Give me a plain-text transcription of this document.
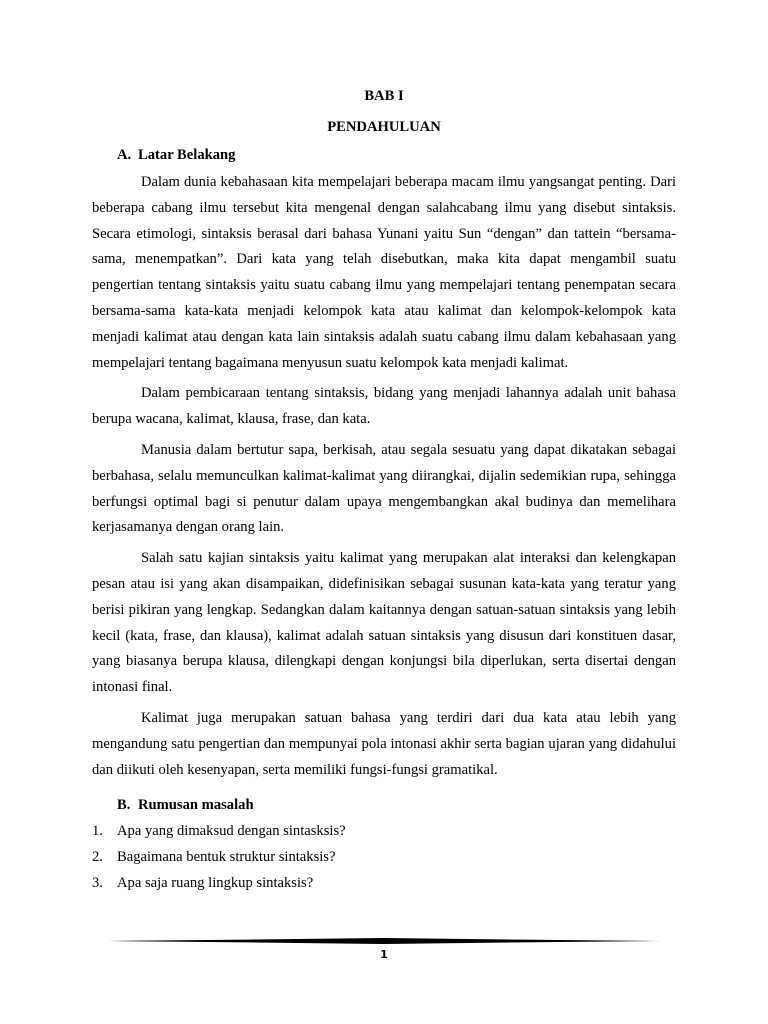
BAB I
PENDAHULUAN
A. Latar Belakang

Dalam dunia kebahasaan kita mempelajari beberapa macam ilmu yangsangat penting. Dari beberapa cabang ilmu tersebut kita mengenal dengan salahcabang ilmu yang disebut sintaksis. Secara etimologi, sintaksis berasal dari bahasa Yunani yaitu Sun “dengan” dan tattein “bersama-sama, menempatkan”. Dari kata yang telah disebutkan, maka kita dapat mengambil suatu pengertian tentang sintaksis yaitu suatu cabang ilmu yang mempelajari tentang penempatan secara bersama-sama kata-kata menjadi kelompok kata atau kalimat dan kelompok-kelompok kata menjadi kalimat atau dengan kata lain sintaksis adalah suatu cabang ilmu dalam kebahasaan yang mempelajari tentang bagaimana menyusun suatu kelompok kata menjadi kalimat.

Dalam pembicaraan tentang sintaksis, bidang yang menjadi lahannya adalah unit bahasa berupa wacana, kalimat, klausa, frase, dan kata.

Manusia dalam bertutur sapa, berkisah, atau segala sesuatu yang dapat dikatakan sebagai berbahasa, selalu memunculkan kalimat-kalimat yang diirangkai, dijalin sedemikian rupa, sehingga berfungsi optimal bagi si penutur dalam upaya mengembangkan akal budinya dan memelihara kerjasamanya dengan orang lain.

Salah satu kajian sintaksis yaitu kalimat yang merupakan alat interaksi dan kelengkapan pesan atau isi yang akan disampaikan, didefinisikan sebagai susunan kata-kata yang teratur yang berisi pikiran yang lengkap. Sedangkan dalam kaitannya dengan satuan-satuan sintaksis yang lebih kecil (kata, frase, dan klausa), kalimat adalah satuan sintaksis yang disusun dari konstituen dasar, yang biasanya berupa klausa, dilengkapi dengan konjungsi bila diperlukan, serta disertai dengan intonasi final.

Kalimat juga merupakan satuan bahasa yang terdiri dari dua kata atau lebih yang mengandung satu pengertian dan mempunyai pola intonasi akhir serta bagian ujaran yang didahului dan diikuti oleh kesenyapan, serta memiliki fungsi-fungsi gramatikal.

B. Rumusan masalah
1. Apa yang dimaksud dengan sintasksis?
2. Bagaimana bentuk struktur sintaksis?
3. Apa saja ruang lingkup sintaksis?
1
